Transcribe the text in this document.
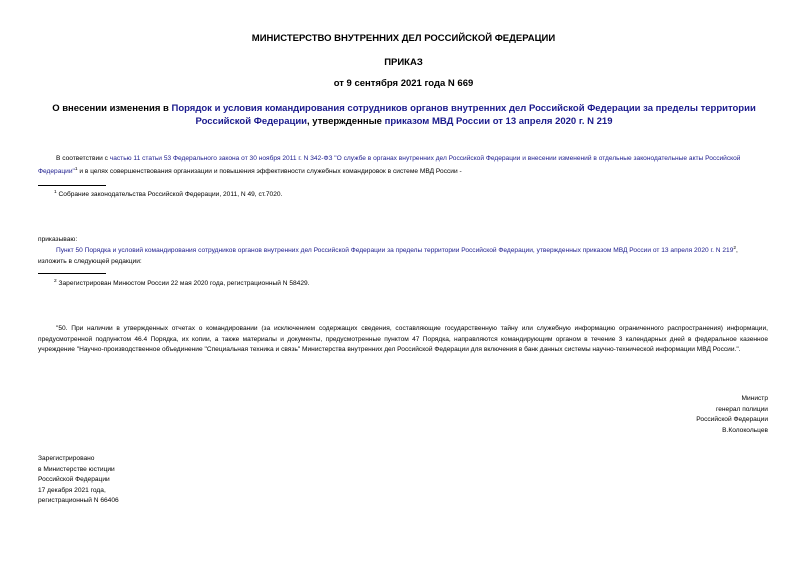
МИНИСТЕРСТВО ВНУТРЕННИХ ДЕЛ РОССИЙСКОЙ ФЕДЕРАЦИИ
ПРИКАЗ
от 9 сентября 2021 года N 669
О внесении изменения в Порядок и условия командирования сотрудников органов внутренних дел Российской Федерации за пределы территории Российской Федерации, утвержденные приказом МВД России от 13 апреля 2020 г. N 219
В соответствии с частью 11 статьи 53 Федерального закона от 30 ноября 2011 г. N 342-ФЗ "О службе в органах внутренних дел Российской Федерации и внесении изменений в отдельные законодательные акты Российской Федерации"$^1$ и в целях совершенствования организации и повышения эффективности служебных командировок в системе МВД России -
$^1$ Собрание законодательства Российской Федерации, 2011, N 49, ст.7020.
приказываю:
Пункт 50 Порядка и условий командирования сотрудников органов внутренних дел Российской Федерации за пределы территории Российской Федерации, утвержденных приказом МВД России от 13 апреля 2020 г. N $219^2$, изложить в следующей редакции:
$^2$ Зарегистрирован Минюстом России 22 мая 2020 года, регистрационный N 58429.
"50. При наличии в утвержденных отчетах о командировании (за исключением содержащих сведения, составляющие государственную тайну или служебную информацию ограниченного распространения) информации, предусмотренной подпунктом 46.4 Порядка, их копии, а также материалы и документы, предусмотренные пунктом 47 Порядка, направляются командирующим органом в течение 3 календарных дней в федеральное казенное учреждение "Научно-производственное объединение "Специальная техника и связь" Министерства внутренних дел Российской Федерации для включения в банк данных системы научно-технической информации МВД России.".
Министр
генерал полиции
Российской Федерации
В.Колокольцев
Зарегистрировано
в Министерстве юстиции
Российской Федерации
17 декабря 2021 года,
регистрационный N 66406
